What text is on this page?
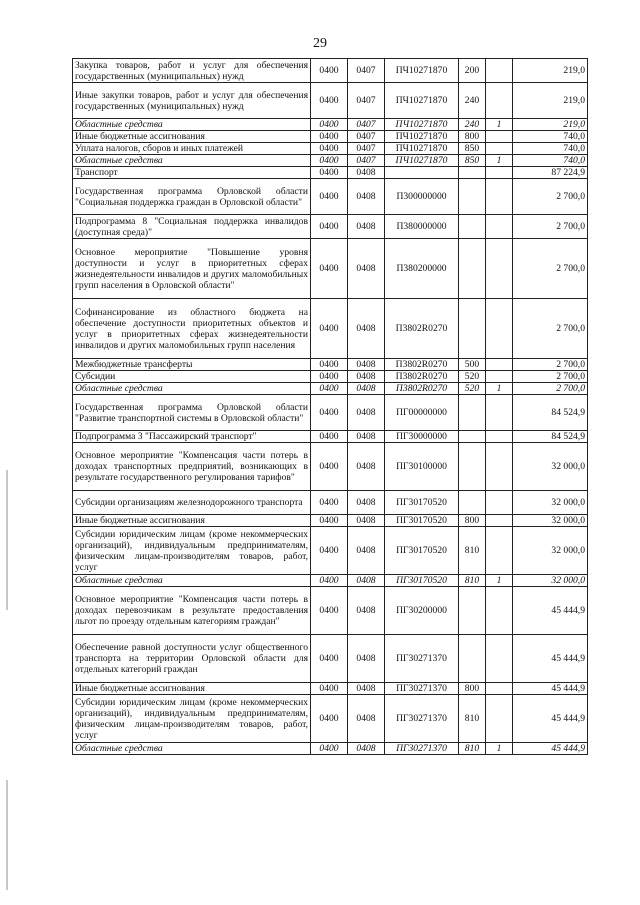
29
Закупка товаров, работ и услуг для обеспечения государственных (муниципальных) нужд	0400	0407	ПЧ10271870	200		219,0
Иные закупки товаров, работ и услуг для обеспечения государственных (муниципальных) нужд	0400	0407	ПЧ10271870	240		219,0
Областные средства	0400	0407	ПЧ10271870	240	1	219,0
Иные бюджетные ассигнования	0400	0407	ПЧ10271870	800		740,0
Уплата налогов, сборов и иных платежей	0400	0407	ПЧ10271870	850		740,0
Областные средства	0400	0407	ПЧ10271870	850	1	740,0
Транспорт	0400	0408				87 224,9
Государственная программа Орловской области "Социальная поддержка граждан в Орловской области"	0400	0408	П300000000			2 700,0
Подпрограмма 8 "Социальная поддержка инвалидов (доступная среда)"	0400	0408	П380000000			2 700,0
Основное мероприятие "Повышение уровня доступности и услуг в приоритетных сферах жизнедеятельности инвалидов и других маломобильных групп населения в Орловской области"	0400	0408	П380200000			2 700,0
Софинансирование из областного бюджета на обеспечение доступности приоритетных объектов и услуг в приоритетных сферах жизнедеятельности инвалидов и других маломобильных групп населения	0400	0408	П3802R0270			2 700,0
Межбюджетные трансферты	0400	0408	П3802R0270	500		2 700,0
Субсидии	0400	0408	П3802R0270	520		2 700,0
Областные средства	0400	0408	П3802R0270	520	1	2 700,0
Государственная программа Орловской области "Развитие транспортной системы в Орловской области"	0400	0408	ПГ00000000			84 524,9
Подпрограмма 3 "Пассажирский транспорт"	0400	0408	ПГ30000000			84 524,9
Основное мероприятие "Компенсация части потерь в доходах транспортных предприятий, возникающих в результате государственного регулирования тарифов"	0400	0408	ПГ30100000			32 000,0
Субсидии организациям железнодорожного транспорта	0400	0408	ПГ30170520			32 000,0
Иные бюджетные ассигнования	0400	0408	ПГ30170520	800		32 000,0
Субсидии юридическим лицам (кроме некоммерческих организаций), индивидуальным предпринимателям, физическим лицам-производителям товаров, работ, услуг	0400	0408	ПГ30170520	810		32 000,0
Областные средства	0400	0408	ПГ30170520	810	1	32 000,0
Основное мероприятие "Компенсация части потерь в доходах перевозчикам в результате предоставления льгот по проезду отдельным категориям граждан"	0400	0408	ПГ30200000			45 444,9
Обеспечение равной доступности услуг общественного транспорта на территории Орловской области для отдельных категорий граждан	0400	0408	ПГ30271370			45 444,9
Иные бюджетные ассигнования	0400	0408	ПГ30271370	800		45 444,9
Субсидии юридическим лицам (кроме некоммерческих организаций), индивидуальным предпринимателям, физическим лицам-производителям товаров, работ, услуг	0400	0408	ПГ30271370	810		45 444,9
Областные средства	0400	0408	ПГ30271370	810	1	45 444,9
